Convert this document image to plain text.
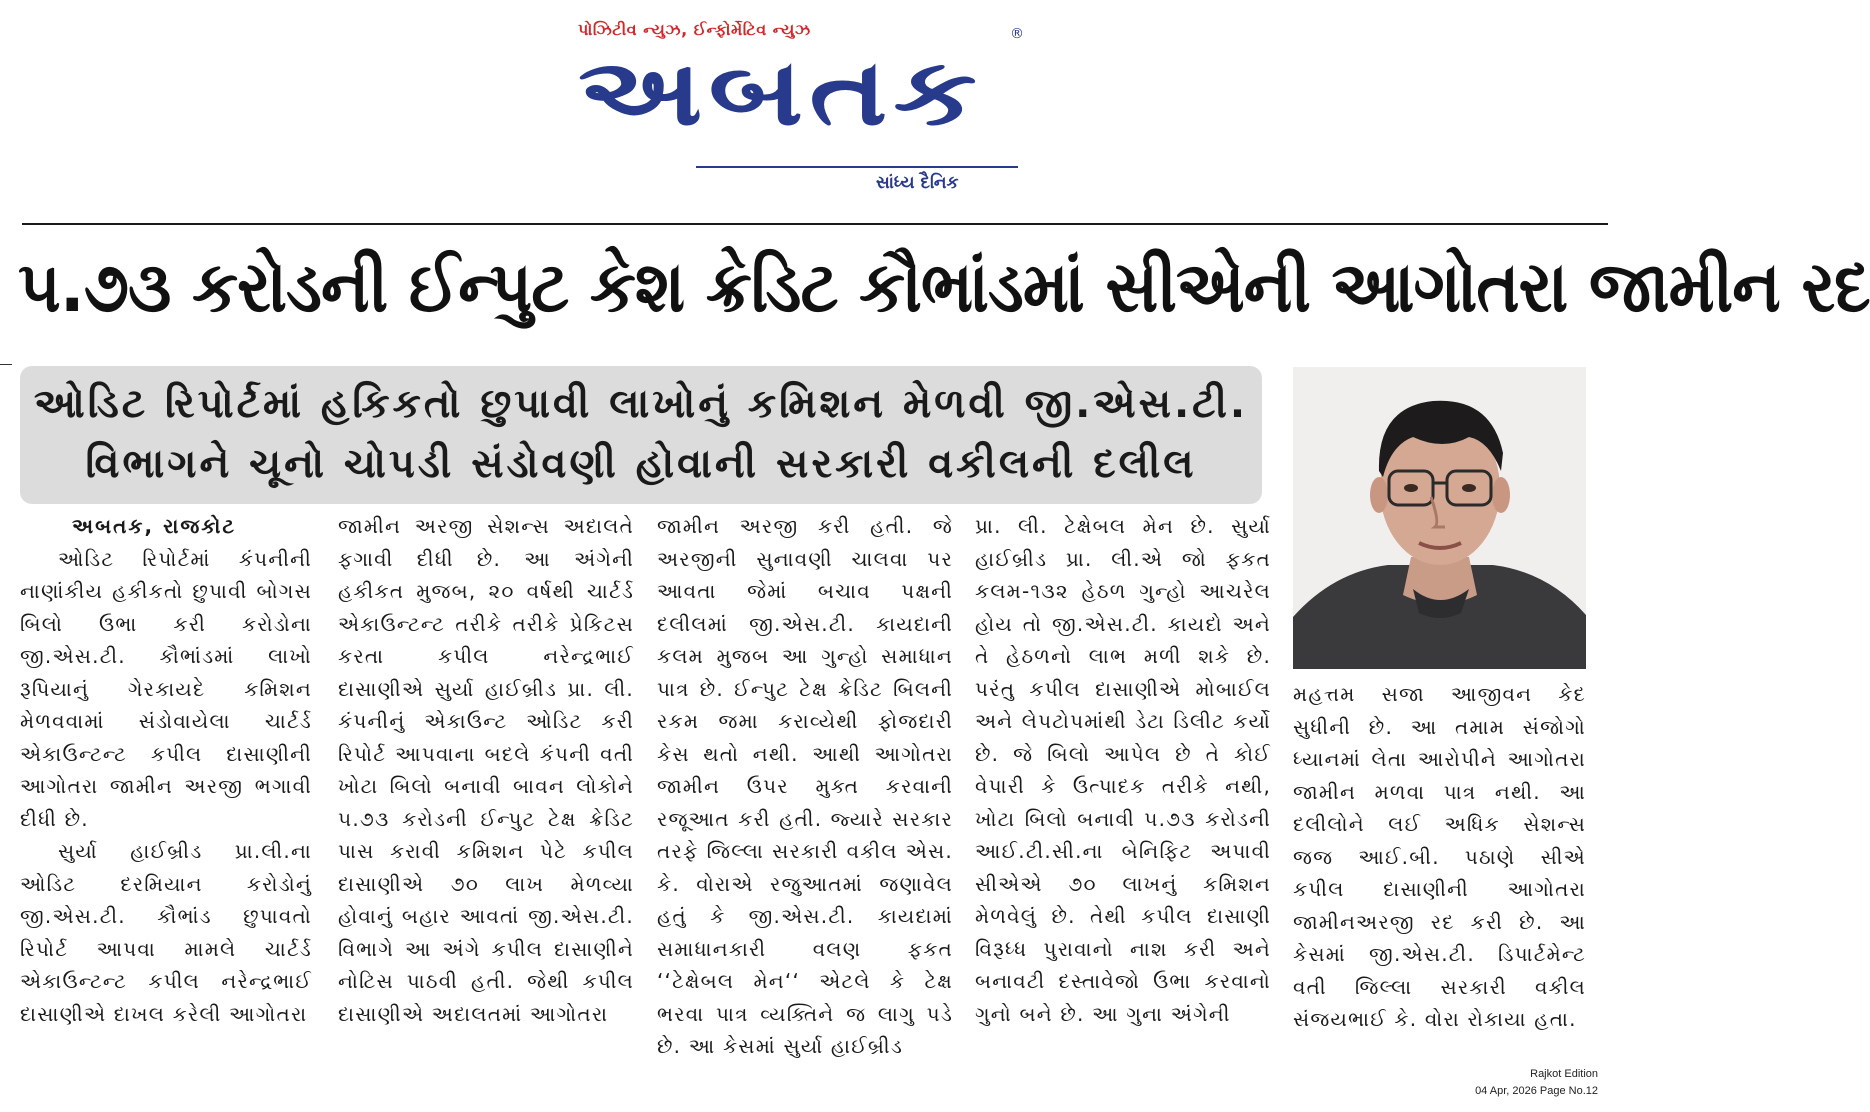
પોઝિટીવ ન્યુઝ, ઈન્ફોર્મેટિવ ન્યુઝ
અબતક
®
સાંધ્ય દૈનિક
૫.૭૩ કરોડની ઈન્પુટ કેશ ક્રેડિટ કૌભાંડમાં સીએની આગોતરા જામીન રદ
ઓડિટ રિપોર્ટમાં હકિકતો છુપાવી લાખોનું કમિશન મેળવી જી.એસ.ટી.
વિભાગને ચૂનો ચોપડી સંડોવણી હોવાની સરકારી વકીલની દલીલ

અબતક, રાજકોટ

ઓડિટ રિપોર્ટમાં કંપનીની નાણાંકીય હકીકતો છુપાવી બોગસ બિલો ઉભા કરી કરોડોના જી.એસ.ટી. કૌભાંડમાં લાખો રૂપિયાનું ગેરકાયદે કમિશન મેળવવામાં સંડોવાયેલા ચાર્ટર્ડ એકાઉન્ટન્ટ કપીલ દાસાણીની આગોતરા જામીન અરજી ભગાવી દીધી છે.

સુર્યા હાઈબ્રીડ પ્રા.લી.ના ઓડિટ દરમિયાન કરોડોનું જી.એસ.ટી. કૌભાંડ છુપાવતો રિપોર્ટ આપવા મામલે ચાર્ટર્ડ એકાઉન્ટન્ટ કપીલ નરેન્દ્રભાઈ દાસાણીએ દાખલ કરેલી આગોતરા

જામીન અરજી સેશન્સ અદાલતે ફગાવી દીધી છે. આ અંગેની હકીકત મુજબ, ૨૦ વર્ષથી ચાર્ટર્ડ એકાઉન્ટન્ટ તરીકે તરીકે પ્રેકિટસ કરતા કપીલ નરેન્દ્રભાઈ દાસાણીએ સુર્યા હાઈબ્રીડ પ્રા. લી. કંપનીનું એકાઉન્ટ ઓડિટ કરી રિપોર્ટ આપવાના બદલે કંપની વતી ખોટા બિલો બનાવી બાવન લોકોને ૫.૭૩ કરોડની ઈન્પુટ ટેક્ષ ક્રેડિટ પાસ કરાવી કમિશન પેટે કપીલ દાસાણીએ ૭૦ લાખ મેળવ્યા હોવાનું બહાર આવતાં જી.એસ.ટી. વિભાગે આ અંગે કપીલ દાસાણીને નોટિસ પાઠવી હતી. જેથી કપીલ દાસાણીએ અદાલતમાં આગોતરા

જામીન અરજી કરી હતી. જે અરજીની સુનાવણી ચાલવા પર આવતા જેમાં બચાવ પક્ષની દલીલમાં જી.એસ.ટી. કાયદાની કલમ મુજબ આ ગુન્હો સમાધાન પાત્ર છે. ઈન્પુટ ટેક્ષ ક્રેડિટ બિલની રકમ જમા કરાવ્યેથી ફોજદારી કેસ થતો નથી. આથી આગોતરા જામીન ઉપર મુક્ત કરવાની રજૂઆત કરી હતી. જ્યારે સરકાર તરફે જિલ્લા સરકારી વકીલ એસ. કે. વોરાએ રજુઆતમાં જણાવેલ હતું કે જી.એસ.ટી. કાયદામાં સમાધાનકારી વલણ ફકત ‘‘ટેક્ષેબલ મેન‘‘ એટલે કે ટેક્ષ ભરવા પાત્ર વ્યક્તિને જ લાગુ પડે છે. આ કેસમાં સુર્યા હાઈબ્રીડ

પ્રા. લી. ટેક્ષેબલ મેન છે. સુર્યા હાઈબ્રીડ પ્રા. લી.એ જો ફકત કલમ-૧૩૨ હેઠળ ગુન્હો આચરેલ હોય તો જી.એસ.ટી. કાયદો અને તે હેઠળનો લાભ મળી શકે છે. પરંતુ કપીલ દાસાણીએ મોબાઈલ અને લેપટોપમાંથી ડેટા ડિલીટ કર્યો છે. જે બિલો આપેલ છે તે કોઈ વેપારી કે ઉત્પાદક તરીકે નથી, ખોટા બિલો બનાવી ૫.૭૩ કરોડની આઈ.ટી.સી.ના બેનિફિટ અપાવી સીએએ ૭૦ લાખનું કમિશન મેળવેલું છે. તેથી કપીલ દાસાણી વિરૂધ્ધ પુરાવાનો નાશ કરી અને બનાવટી દસ્તાવેજો ઉભા કરવાનો ગુનો બને છે. આ ગુના અંગેની

મહત્તમ સજા આજીવન કેદ સુધીની છે. આ તમામ સંજોગો ધ્યાનમાં લેતા આરોપીને આગોતરા જામીન મળવા પાત્ર નથી. આ દલીલોને લઈ અધિક સેશન્સ જજ આઈ.બી. પઠાણે સીએ કપીલ દાસાણીની આગોતરા જામીનઅરજી રદ કરી છે. આ કેસમાં જી.એસ.ટી. ડિપાર્ટમેન્ટ વતી જિલ્લા સરકારી વકીલ સંજયભાઈ કે. વોરા રોકાયા હતા.

Rajkot Edition
04 Apr, 2026 Page No.12
